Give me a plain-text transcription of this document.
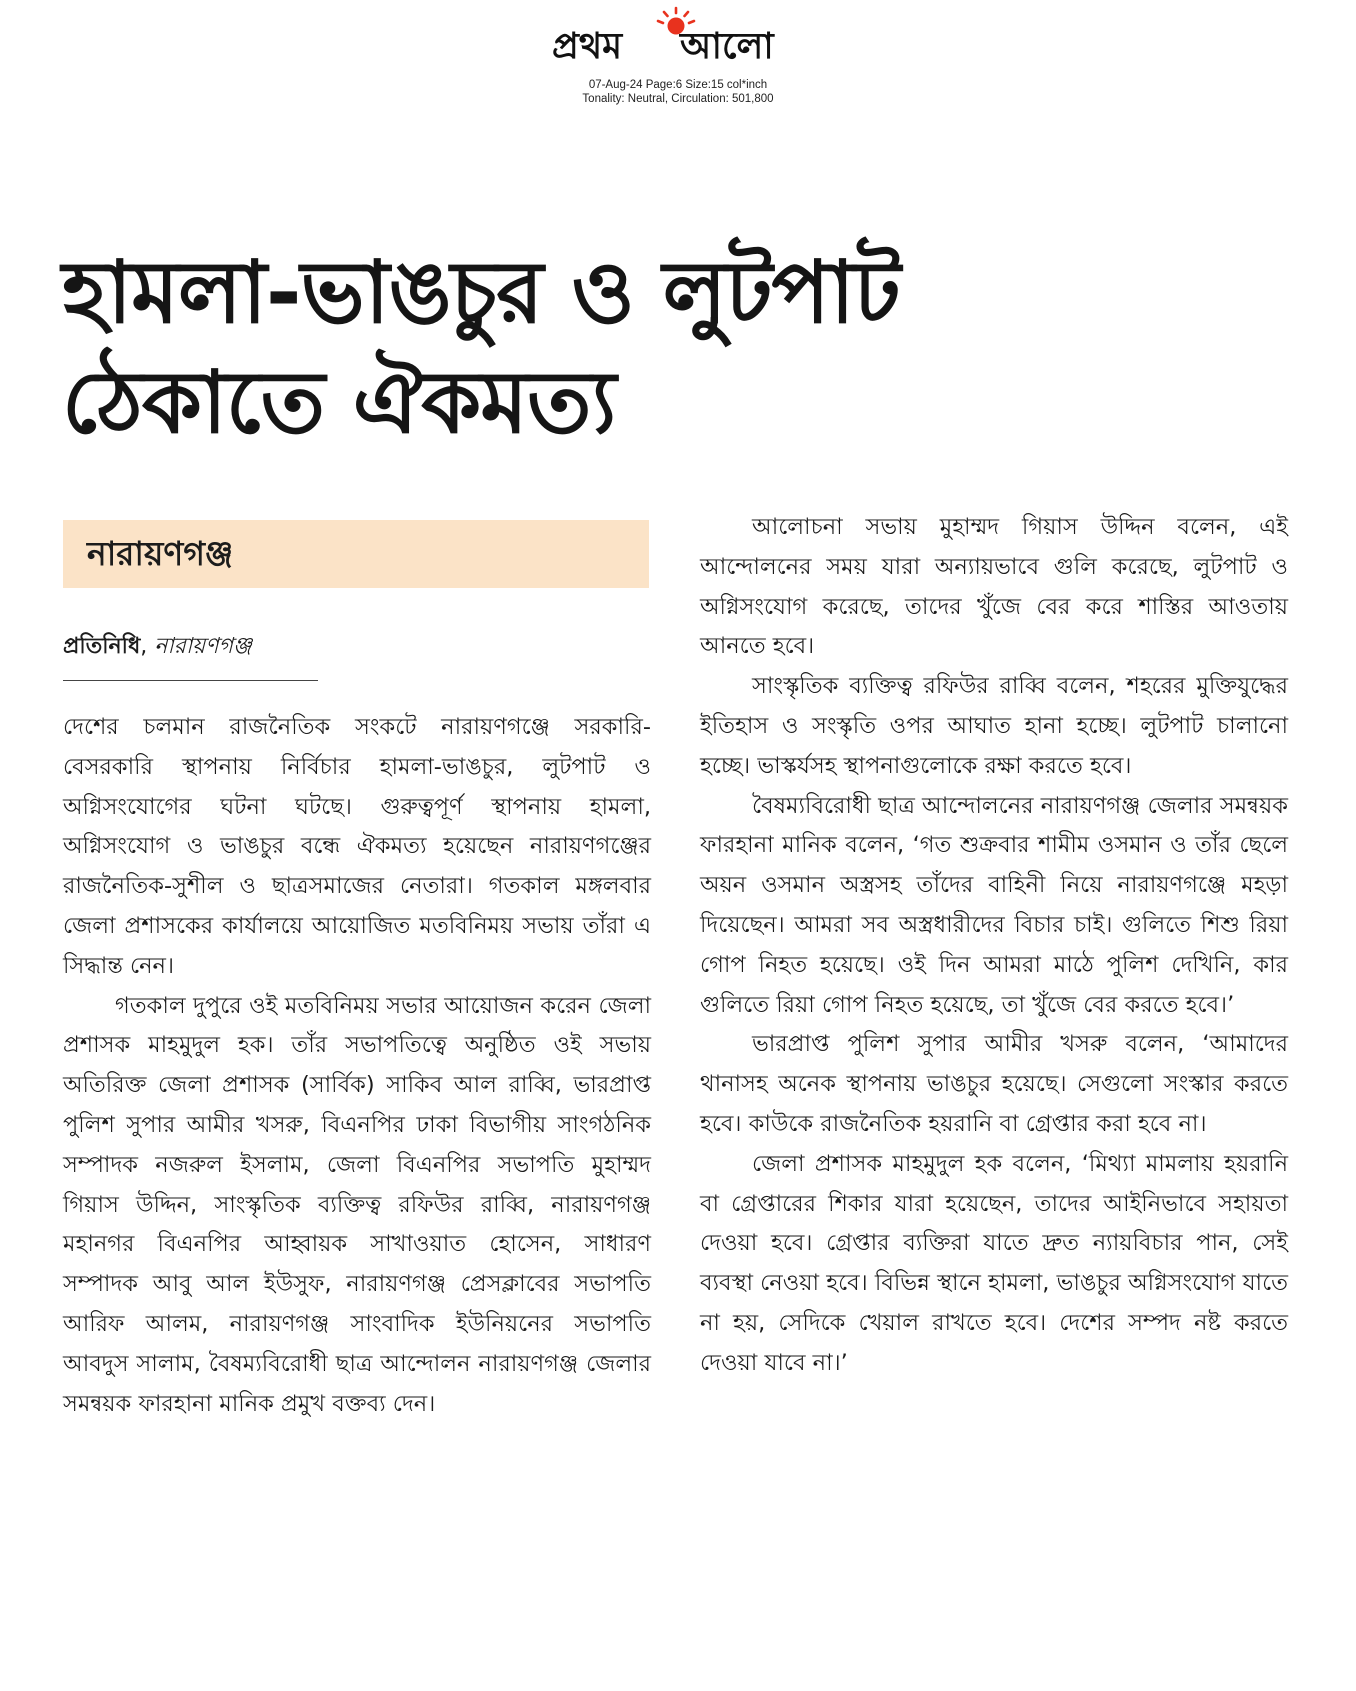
প্রথম আলো
07-Aug-24 Page:6 Size:15 col*inch
Tonality: Neutral, Circulation: 501,800
হামলা-ভাঙচুর ও লুটপাট
ঠেকাতে ঐকমত্য
নারায়ণগঞ্জ
প্রতিনিধি, নারায়ণগঞ্জ

দেশের চলমান রাজনৈতিক সংকটে নারায়ণগঞ্জে সরকারি-বেসরকারি স্থাপনায় নির্বিচার হামলা-ভাঙচুর, লুটপাট ও অগ্নিসংযোগের ঘটনা ঘটছে। গুরুত্বপূর্ণ স্থাপনায় হামলা, অগ্নিসংযোগ ও ভাঙচুর বন্ধে ঐকমত্য হয়েছেন নারায়ণগঞ্জের রাজনৈতিক-সুশীল ও ছাত্রসমাজের নেতারা। গতকাল মঙ্গলবার জেলা প্রশাসকের কার্যালয়ে আয়োজিত মতবিনিময় সভায় তাঁরা এ সিদ্ধান্ত নেন।

গতকাল দুপুরে ওই মতবিনিময় সভার আয়োজন করেন জেলা প্রশাসক মাহমুদুল হক। তাঁর সভাপতিত্বে অনুষ্ঠিত ওই সভায় অতিরিক্ত জেলা প্রশাসক (সার্বিক) সাকিব আল রাব্বি, ভারপ্রাপ্ত পুলিশ সুপার আমীর খসরু, বিএনপির ঢাকা বিভাগীয় সাংগঠনিক সম্পাদক নজরুল ইসলাম, জেলা বিএনপির সভাপতি মুহাম্মদ গিয়াস উদ্দিন, সাংস্কৃতিক ব্যক্তিত্ব রফিউর রাব্বি, নারায়ণগঞ্জ মহানগর বিএনপির আহ্বায়ক সাখাওয়াত হোসেন, সাধারণ সম্পাদক আবু আল ইউসুফ, নারায়ণগঞ্জ প্রেসক্লাবের সভাপতি আরিফ আলম, নারায়ণগঞ্জ সাংবাদিক ইউনিয়নের সভাপতি আবদুস সালাম, বৈষম্যবিরোধী ছাত্র আন্দোলন নারায়ণগঞ্জ জেলার সমন্বয়ক ফারহানা মানিক প্রমুখ বক্তব্য দেন।

আলোচনা সভায় মুহাম্মদ গিয়াস উদ্দিন বলেন, এই আন্দোলনের সময় যারা অন্যায়ভাবে গুলি করেছে, লুটপাট ও অগ্নিসংযোগ করেছে, তাদের খুঁজে বের করে শাস্তির আওতায় আনতে হবে।

সাংস্কৃতিক ব্যক্তিত্ব রফিউর রাব্বি বলেন, শহরের মুক্তিযুদ্ধের ইতিহাস ও সংস্কৃতি ওপর আঘাত হানা হচ্ছে। লুটপাট চালানো হচ্ছে। ভাস্কর্যসহ স্থাপনাগুলোকে রক্ষা করতে হবে।

বৈষম্যবিরোধী ছাত্র আন্দোলনের নারায়ণগঞ্জ জেলার সমন্বয়ক ফারহানা মানিক বলেন, ‘গত শুক্রবার শামীম ওসমান ও তাঁর ছেলে অয়ন ওসমান অস্ত্রসহ তাঁদের বাহিনী নিয়ে নারায়ণগঞ্জে মহড়া দিয়েছেন। আমরা সব অস্ত্রধারীদের বিচার চাই। গুলিতে শিশু রিয়া গোপ নিহত হয়েছে। ওই দিন আমরা মাঠে পুলিশ দেখিনি, কার গুলিতে রিয়া গোপ নিহত হয়েছে, তা খুঁজে বের করতে হবে।’

ভারপ্রাপ্ত পুলিশ সুপার আমীর খসরু বলেন, ‘আমাদের থানাসহ অনেক স্থাপনায় ভাঙচুর হয়েছে। সেগুলো সংস্কার করতে হবে। কাউকে রাজনৈতিক হয়রানি বা গ্রেপ্তার করা হবে না।

জেলা প্রশাসক মাহমুদুল হক বলেন, ‘মিথ্যা মামলায় হয়রানি বা গ্রেপ্তারের শিকার যারা হয়েছেন, তাদের আইনিভাবে সহায়তা দেওয়া হবে। গ্রেপ্তার ব্যক্তিরা যাতে দ্রুত ন্যায়বিচার পান, সেই ব্যবস্থা নেওয়া হবে। বিভিন্ন স্থানে হামলা, ভাঙচুর অগ্নিসংযোগ যাতে না হয়, সেদিকে খেয়াল রাখতে হবে। দেশের সম্পদ নষ্ট করতে দেওয়া যাবে না।’
